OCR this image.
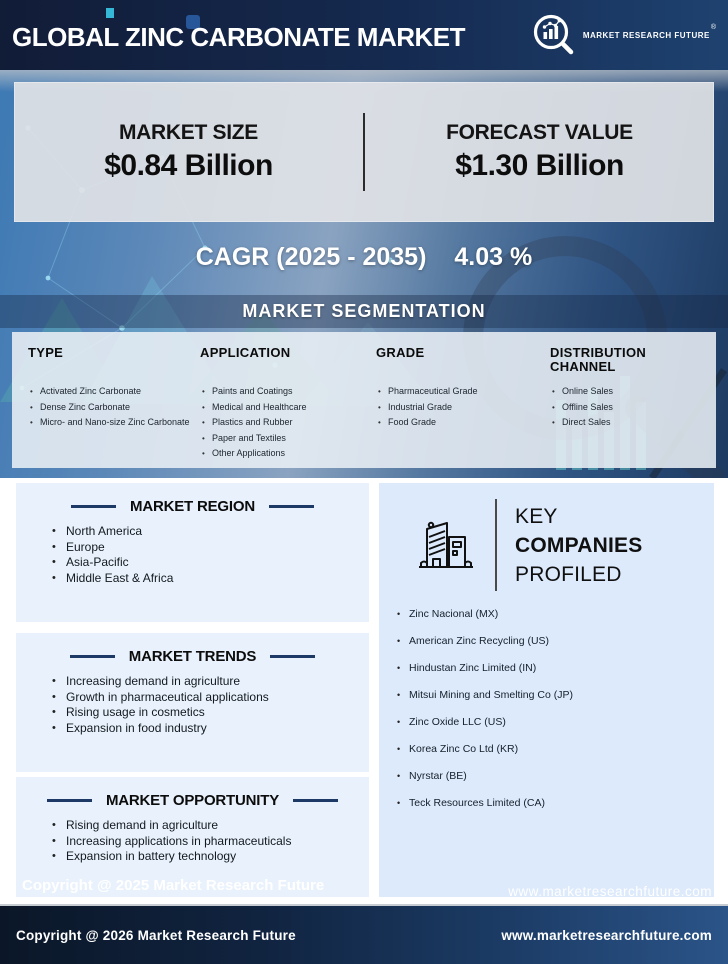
GLOBAL ZINC CARBONATE MARKET	MARKET RESEARCH FUTURE
®
MARKET SIZE
$0.84 Billion
FORECAST VALUE
$1.30 Billion
CAGR (2025 - 2035) 4.03 %
MARKET SEGMENTATION
TYPE
• Activated Zinc Carbonate
• Dense Zinc Carbonate
• Micro- and Nano-size Zinc Carbonate
APPLICATION
• Paints and Coatings
• Medical and Healthcare
• Plastics and Rubber
• Paper and Textiles
• Other Applications
GRADE
• Pharmaceutical Grade
• Industrial Grade
• Food Grade
DISTRIBUTION CHANNEL
• Online Sales
• Offline Sales
• Direct Sales
MARKET REGION
• North America
• Europe
• Asia-Pacific
• Middle East & Africa
MARKET TRENDS
• Increasing demand in agriculture
• Growth in pharmaceutical applications
• Rising usage in cosmetics
• Expansion in food industry
MARKET OPPORTUNITY
• Rising demand in agriculture
• Increasing applications in pharmaceuticals
• Expansion in battery technology
KEY
COMPANIES
PROFILED
• Zinc Nacional (MX)
• American Zinc Recycling (US)
• Hindustan Zinc Limited (IN)
• Mitsui Mining and Smelting Co (JP)
• Zinc Oxide LLC (US)
• Korea Zinc Co Ltd (KR)
• Nyrstar (BE)
• Teck Resources Limited (CA)
Copyright @ 2025 Market Research Future	www.marketresearchfuture.com
Copyright @ 2026 Market Research Future	www.marketresearchfuture.com
